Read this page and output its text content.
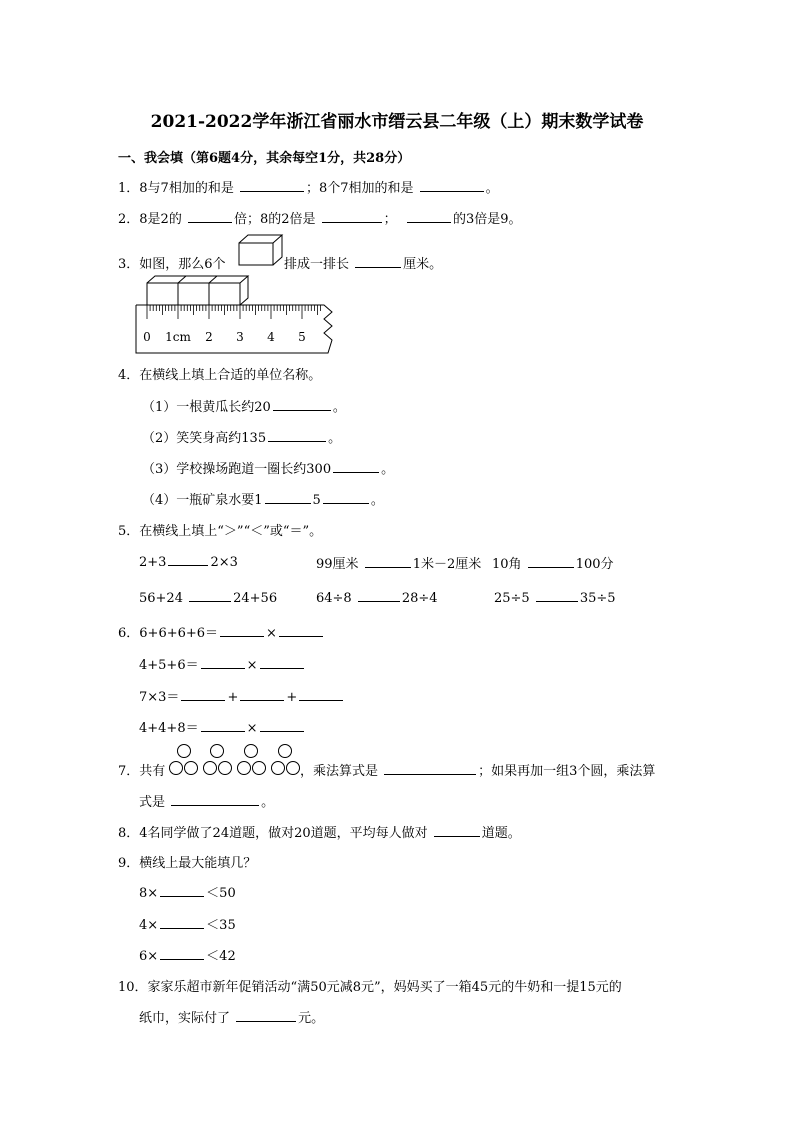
2021-2022学年浙江省丽水市缙云县二年级（上）期末数学试卷
一、我会填（第6题4分，其余每空1分，共28分）
1．8与7相加的和是	；8个7相加的和是	。
2．8是2的	倍；8的2倍是	；	的3倍是9。
3．如图，那么6个	排成一排长	厘米。
0 1cm 2 3 4 5
4．在横线上填上合适的单位名称。
（1）一根黄瓜长约20	。
（2）笑笑身高约135	。
（3）学校操场跑道一圈长约300	。
（4）一瓶矿泉水要1	5	。
5．在横线上填上“＞”“＜”或“＝”。
2+3	2×3	99厘米	1米－2厘米 10角	100分
56+24	24+56	64÷8	28÷4	25÷5	35÷5
6．6+6+6+6＝	×
4+5+6＝	×
7×3＝	+	+
4+4+8＝	×
7．共有	，乘法算式是	；如果再加一组3个圆，乘法算
式是	。
8．4名同学做了24道题，做对20道题，平均每人做对	道题。
9．横线上最大能填几？
8×	＜50
4×	＜35
6×	＜42
10．家家乐超市新年促销活动“满50元减8元”，妈妈买了一箱45元的牛奶和一提15元的
纸巾，实际付了	元。
